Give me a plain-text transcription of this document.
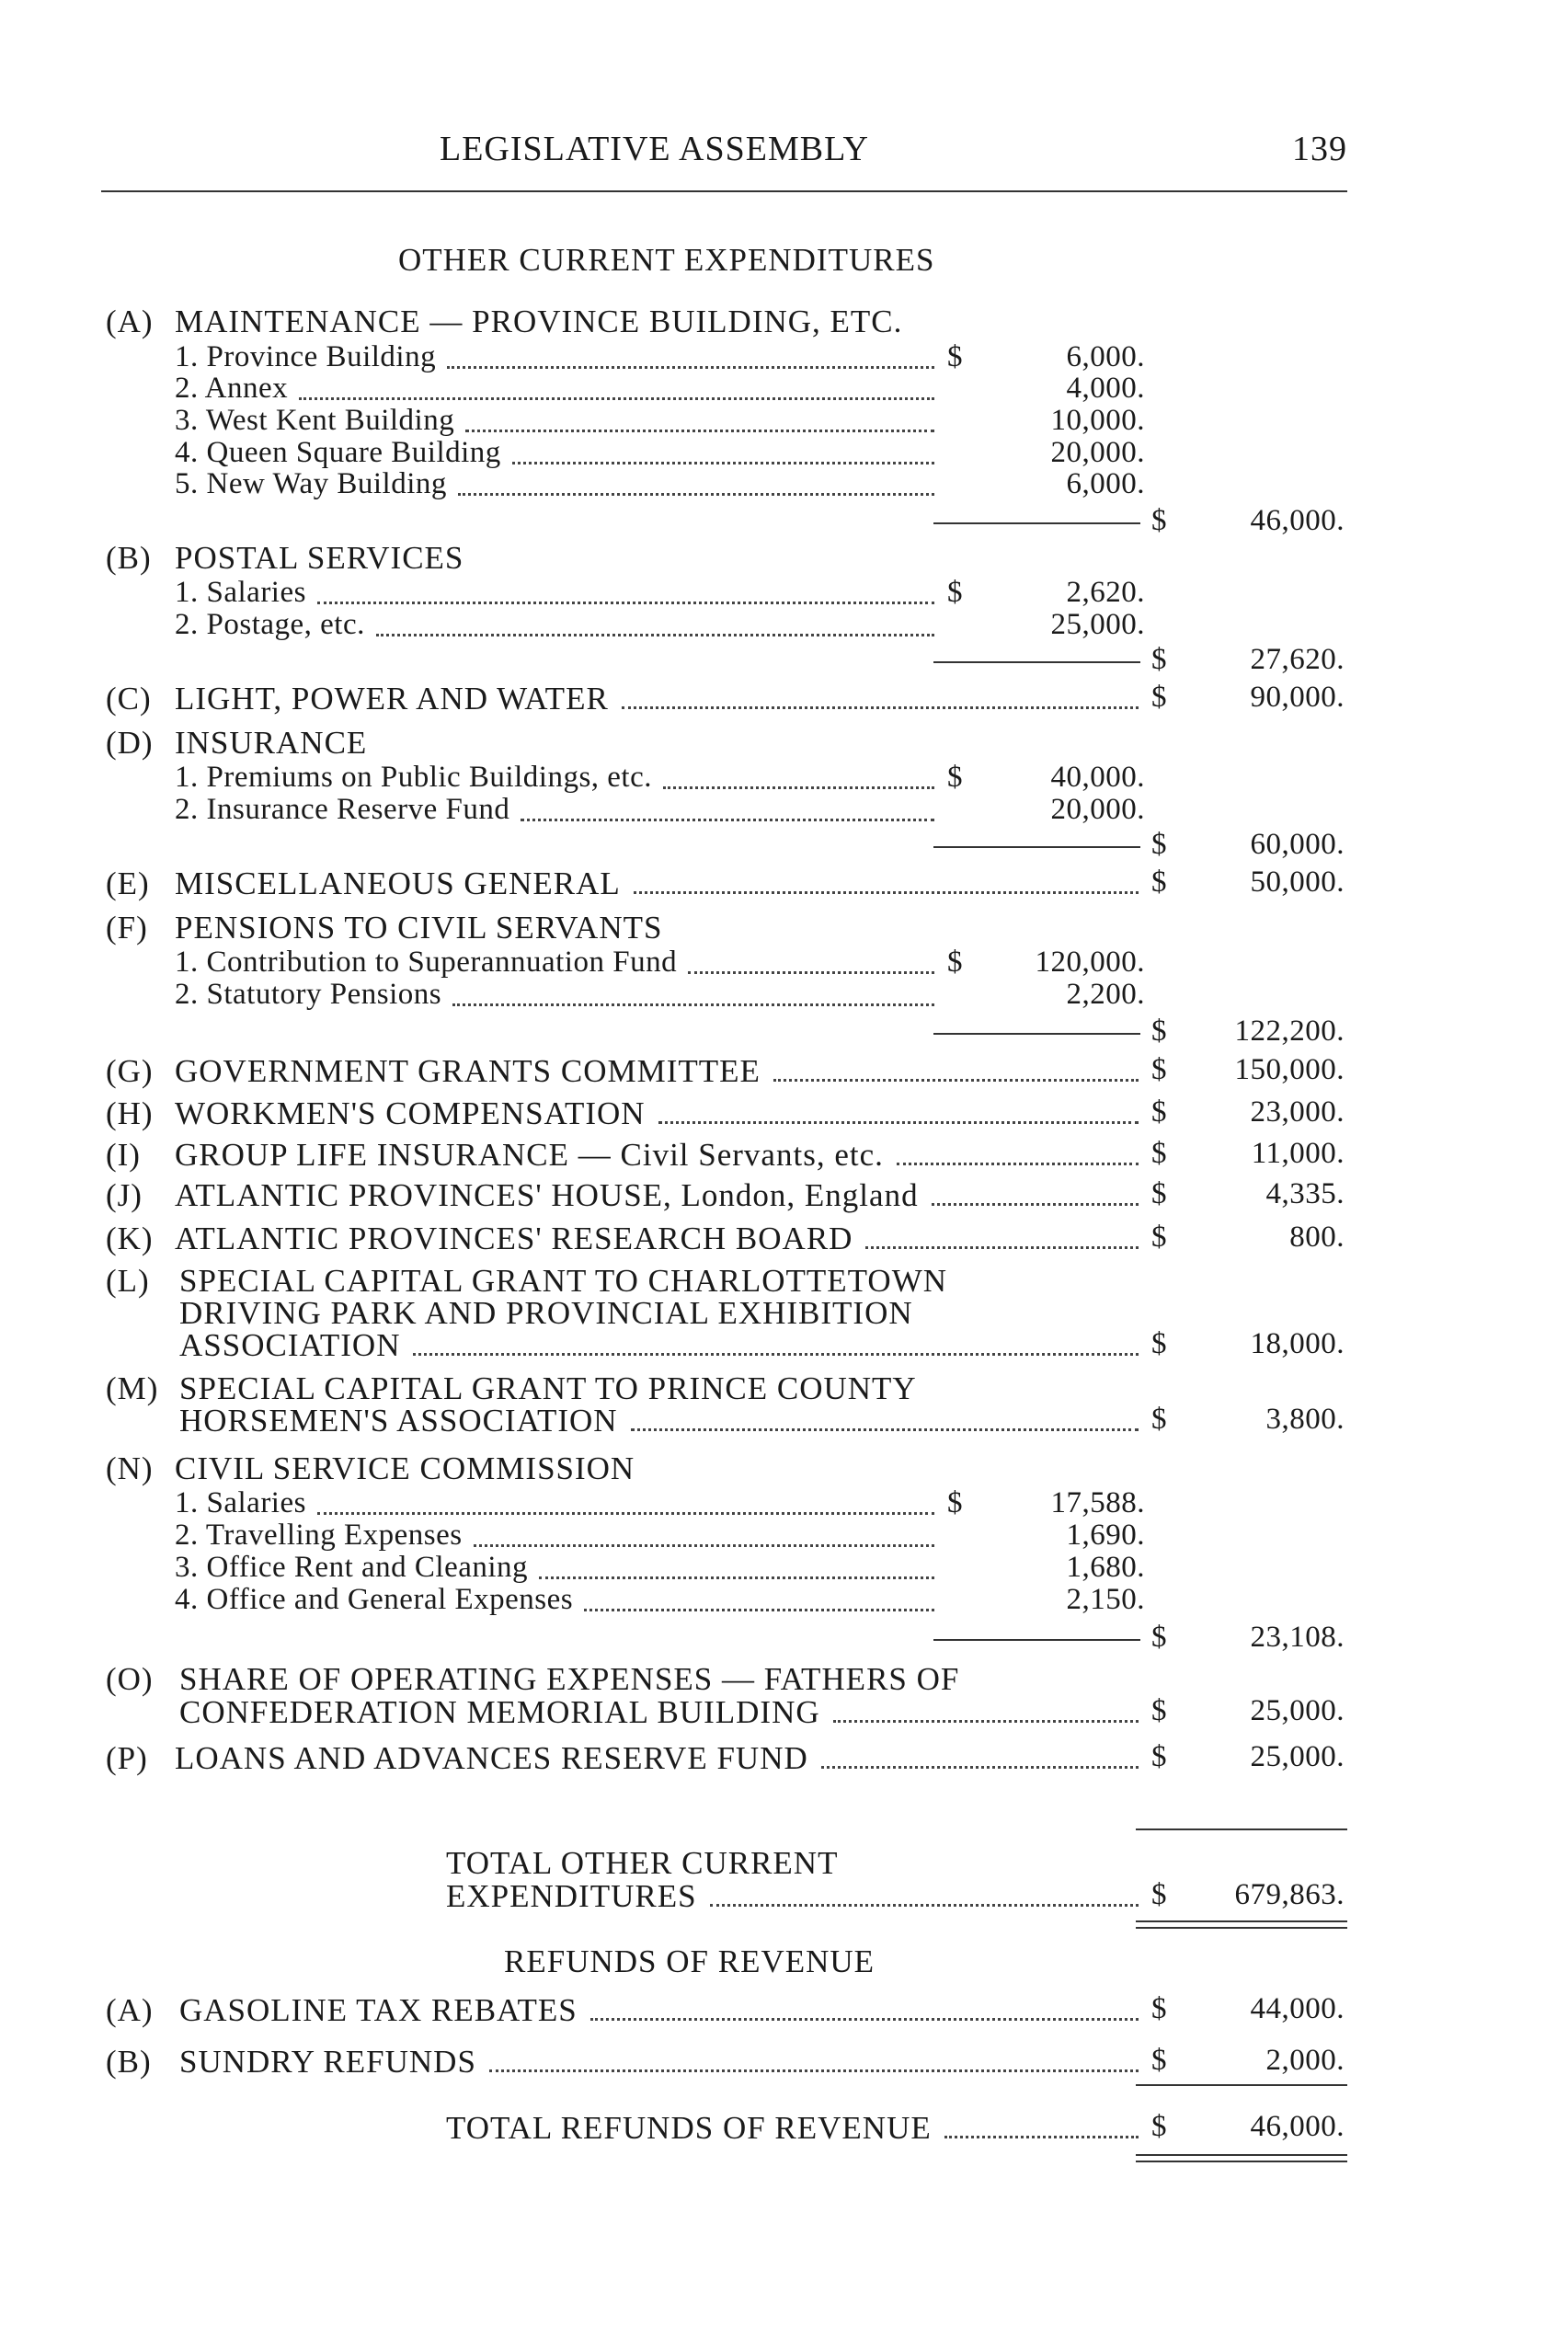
LEGISLATIVE ASSEMBLY	139
OTHER CURRENT EXPENDITURES
(A) MAINTENANCE — PROVINCE BUILDING, ETC.
1. Province Building	$	6,000.
2. Annex	4,000.
3. West Kent Building	10,000.
4. Queen Square Building	20,000.
5. New Way Building	6,000.
$	46,000.
(B) POSTAL SERVICES
1. Salaries	$	2,620.
2. Postage, etc.	25,000.
$	27,620.
(C) LIGHT, POWER AND WATER	$	90,000.
(D) INSURANCE
1. Premiums on Public Buildings, etc.	$	40,000.
2. Insurance Reserve Fund	20,000.
$	60,000.
(E) MISCELLANEOUS GENERAL	$	50,000.
(F) PENSIONS TO CIVIL SERVANTS
1. Contribution to Superannuation Fund	$	120,000.
2. Statutory Pensions	2,200.
$	122,200.
(G) GOVERNMENT GRANTS COMMITTEE	$	150,000.
(H) WORKMEN'S COMPENSATION	$	23,000.
(I) GROUP LIFE INSURANCE — Civil Servants, etc.	$	11,000.
(J) ATLANTIC PROVINCES' HOUSE, London, England	$	4,335.
(K) ATLANTIC PROVINCES' RESEARCH BOARD	$	800.
(L) SPECIAL CAPITAL GRANT TO CHARLOTTETOWN
DRIVING PARK AND PROVINCIAL EXHIBITION
ASSOCIATION	$	18,000.
(M) SPECIAL CAPITAL GRANT TO PRINCE COUNTY
HORSEMEN'S ASSOCIATION	$	3,800.
(N) CIVIL SERVICE COMMISSION
1. Salaries	$	17,588.
2. Travelling Expenses	1,690.
3. Office Rent and Cleaning	1,680.
4. Office and General Expenses	2,150.
$	23,108.
(O) SHARE OF OPERATING EXPENSES — FATHERS OF
CONFEDERATION MEMORIAL BUILDING	$	25,000.
(P) LOANS AND ADVANCES RESERVE FUND	$	25,000.
TOTAL OTHER CURRENT
EXPENDITURES	$	679,863.
REFUNDS OF REVENUE
(A) GASOLINE TAX REBATES	$	44,000.
(B) SUNDRY REFUNDS	$	2,000.
TOTAL REFUNDS OF REVENUE	$	46,000.
